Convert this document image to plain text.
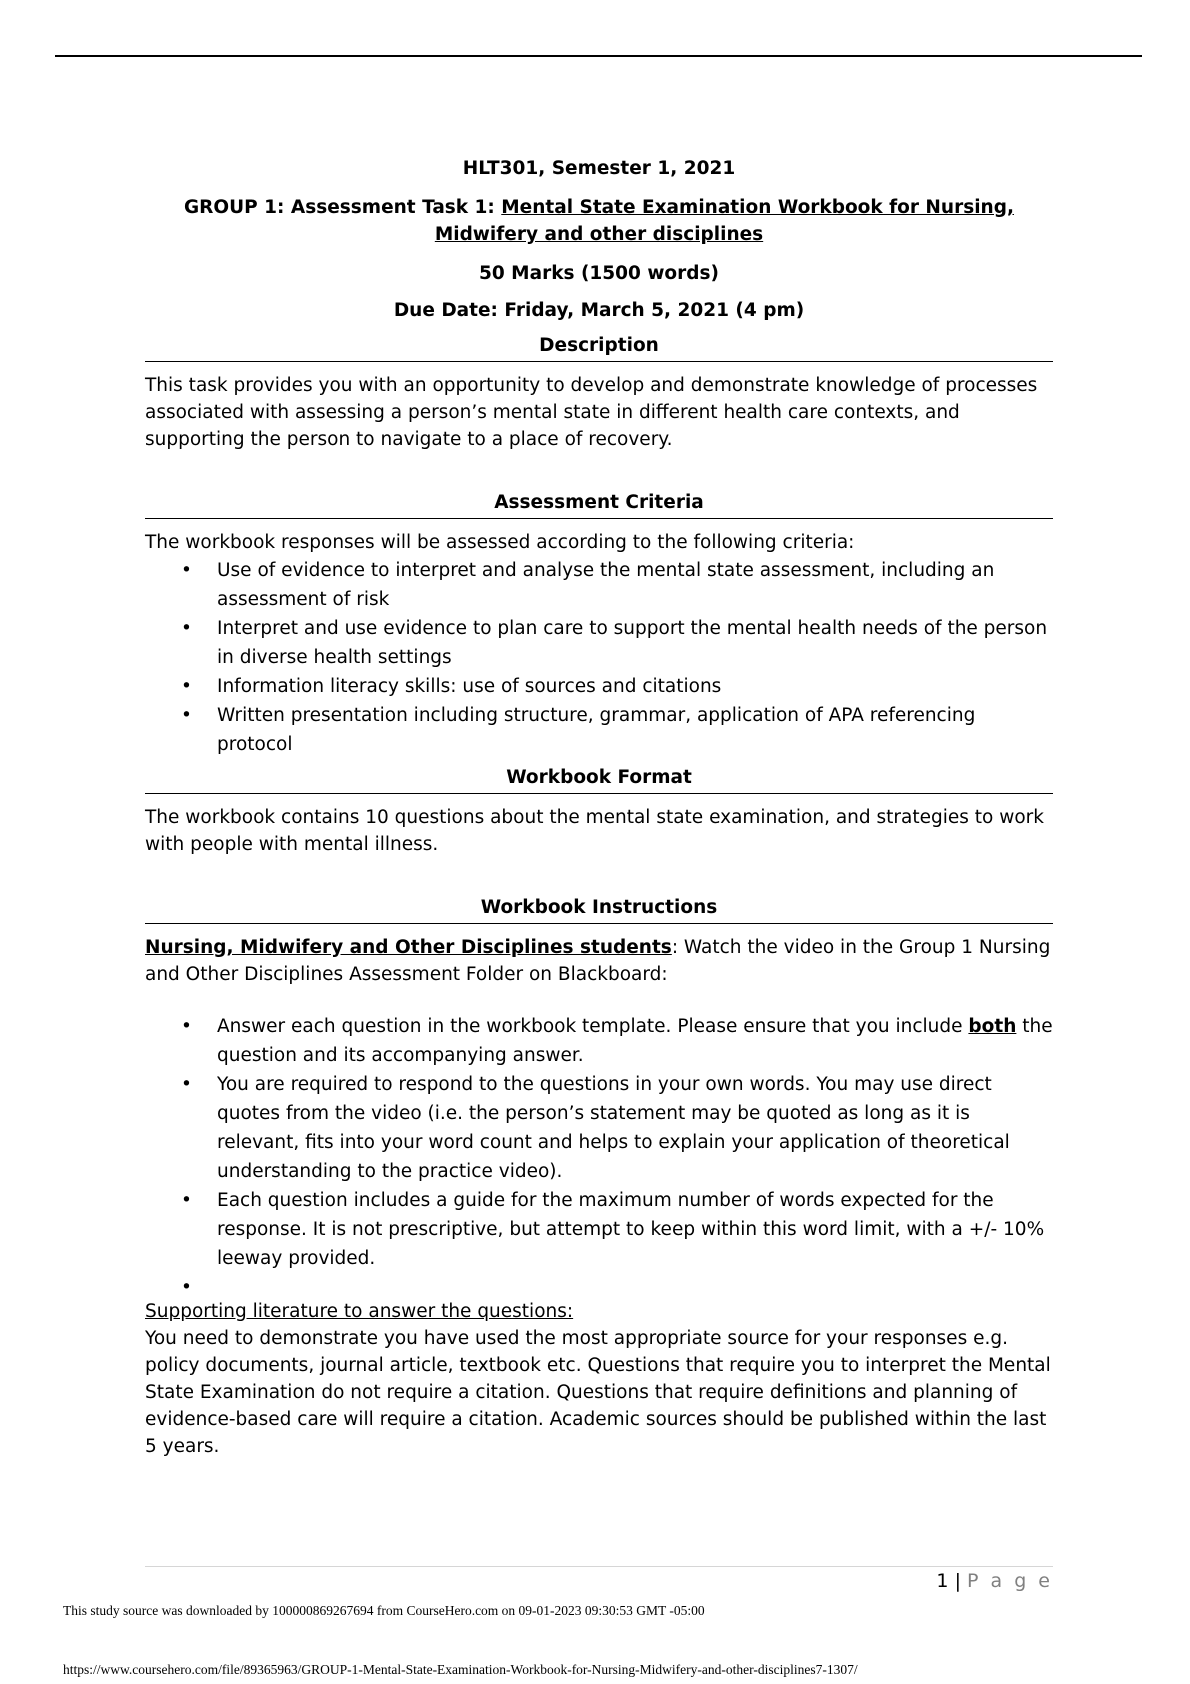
HLT301, Semester 1, 2021
GROUP 1: Assessment Task 1: Mental State Examination Workbook for Nursing, Midwifery and other disciplines
50 Marks (1500 words)
Due Date: Friday, March 5, 2021 (4 pm)
Description

This task provides you with an opportunity to develop and demonstrate knowledge of processes associated with assessing a person’s mental state in different health care contexts, and supporting the person to navigate to a place of recovery.

Assessment Criteria

The workbook responses will be assessed according to the following criteria:

• Use of evidence to interpret and analyse the mental state assessment, including an assessment of risk
• Interpret and use evidence to plan care to support the mental health needs of the person in diverse health settings
• Information literacy skills: use of sources and citations
• Written presentation including structure, grammar, application of APA referencing protocol
Workbook Format

The workbook contains 10 questions about the mental state examination, and strategies to work with people with mental illness.

Workbook Instructions

Nursing, Midwifery and Other Disciplines students: Watch the video in the Group 1 Nursing and Other Disciplines Assessment Folder on Blackboard:

• Answer each question in the workbook template. Please ensure that you include both the question and its accompanying answer.
• You are required to respond to the questions in your own words. You may use direct quotes from the video (i.e. the person’s statement may be quoted as long as it is relevant, fits into your word count and helps to explain your application of theoretical understanding to the practice video).
• Each question includes a guide for the maximum number of words expected for the response. It is not prescriptive, but attempt to keep within this word limit, with a +/- 10% leeway provided.
•

Supporting literature to answer the questions:

You need to demonstrate you have used the most appropriate source for your responses e.g. policy documents, journal article, textbook etc. Questions that require you to interpret the Mental State Examination do not require a citation. Questions that require definitions and planning of evidence-based care will require a citation. Academic sources should be published within the last 5 years.

1 | P a g e
This study source was downloaded by 100000869267694 from CourseHero.com on 09-01-2023 09:30:53 GMT -05:00
https://www.coursehero.com/file/89365963/GROUP-1-Mental-State-Examination-Workbook-for-Nursing-Midwifery-and-other-disciplines7-1307/
